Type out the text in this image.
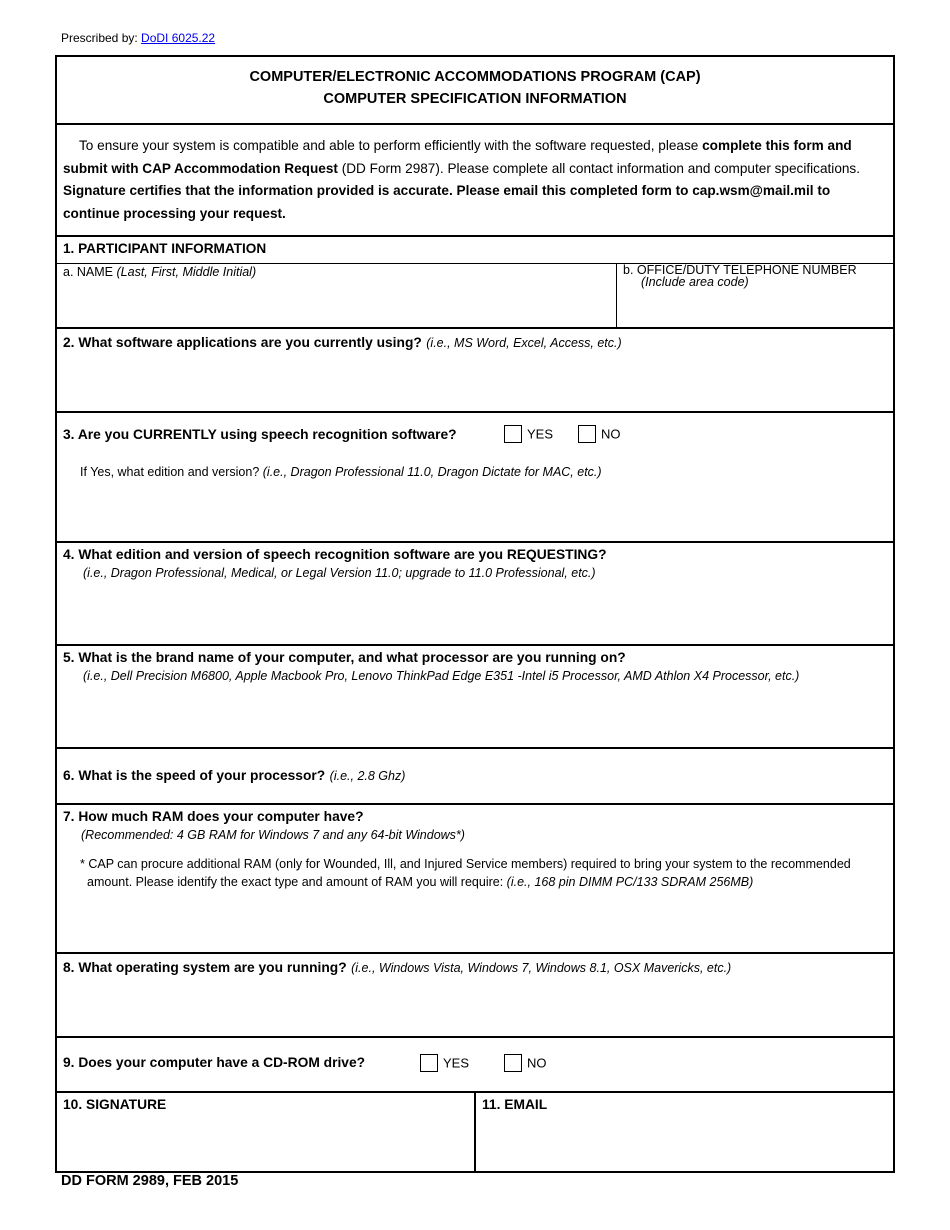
Prescribed by: DoDI 6025.22
COMPUTER/ELECTRONIC ACCOMMODATIONS PROGRAM (CAP)
COMPUTER SPECIFICATION INFORMATION
To ensure your system is compatible and able to perform efficiently with the software requested, please complete this form and submit with CAP Accommodation Request (DD Form 2987). Please complete all contact information and computer specifications. Signature certifies that the information provided is accurate. Please email this completed form to cap.wsm@mail.mil to continue processing your request.
1. PARTICIPANT INFORMATION
a. NAME (Last, First, Middle Initial)	b. OFFICE/DUTY TELEPHONE NUMBER
(Include area code)
2. What software applications are you currently using? (i.e., MS Word, Excel, Access, etc.)
3. Are you CURRENTLY using speech recognition software?	YES	NO
If Yes, what edition and version? (i.e., Dragon Professional 11.0, Dragon Dictate for MAC, etc.)
4. What edition and version of speech recognition software are you REQUESTING?
(i.e., Dragon Professional, Medical, or Legal Version 11.0; upgrade to 11.0 Professional, etc.)
5. What is the brand name of your computer, and what processor are you running on?
(i.e., Dell Precision M6800, Apple Macbook Pro, Lenovo ThinkPad Edge E351 -Intel i5 Processor, AMD Athlon X4 Processor, etc.)
6. What is the speed of your processor? (i.e., 2.8 Ghz)
7. How much RAM does your computer have?
(Recommended: 4 GB RAM for Windows 7 and any 64-bit Windows*)
* CAP can procure additional RAM (only for Wounded, Ill, and Injured Service members) required to bring your system to the recommended
amount. Please identify the exact type and amount of RAM you will require: (i.e., 168 pin DIMM PC/133 SDRAM 256MB)
8. What operating system are you running? (i.e., Windows Vista, Windows 7, Windows 8.1, OSX Mavericks, etc.)
9. Does your computer have a CD-ROM drive?	YES	NO
10. SIGNATURE	11. EMAIL
DD FORM 2989, FEB 2015
